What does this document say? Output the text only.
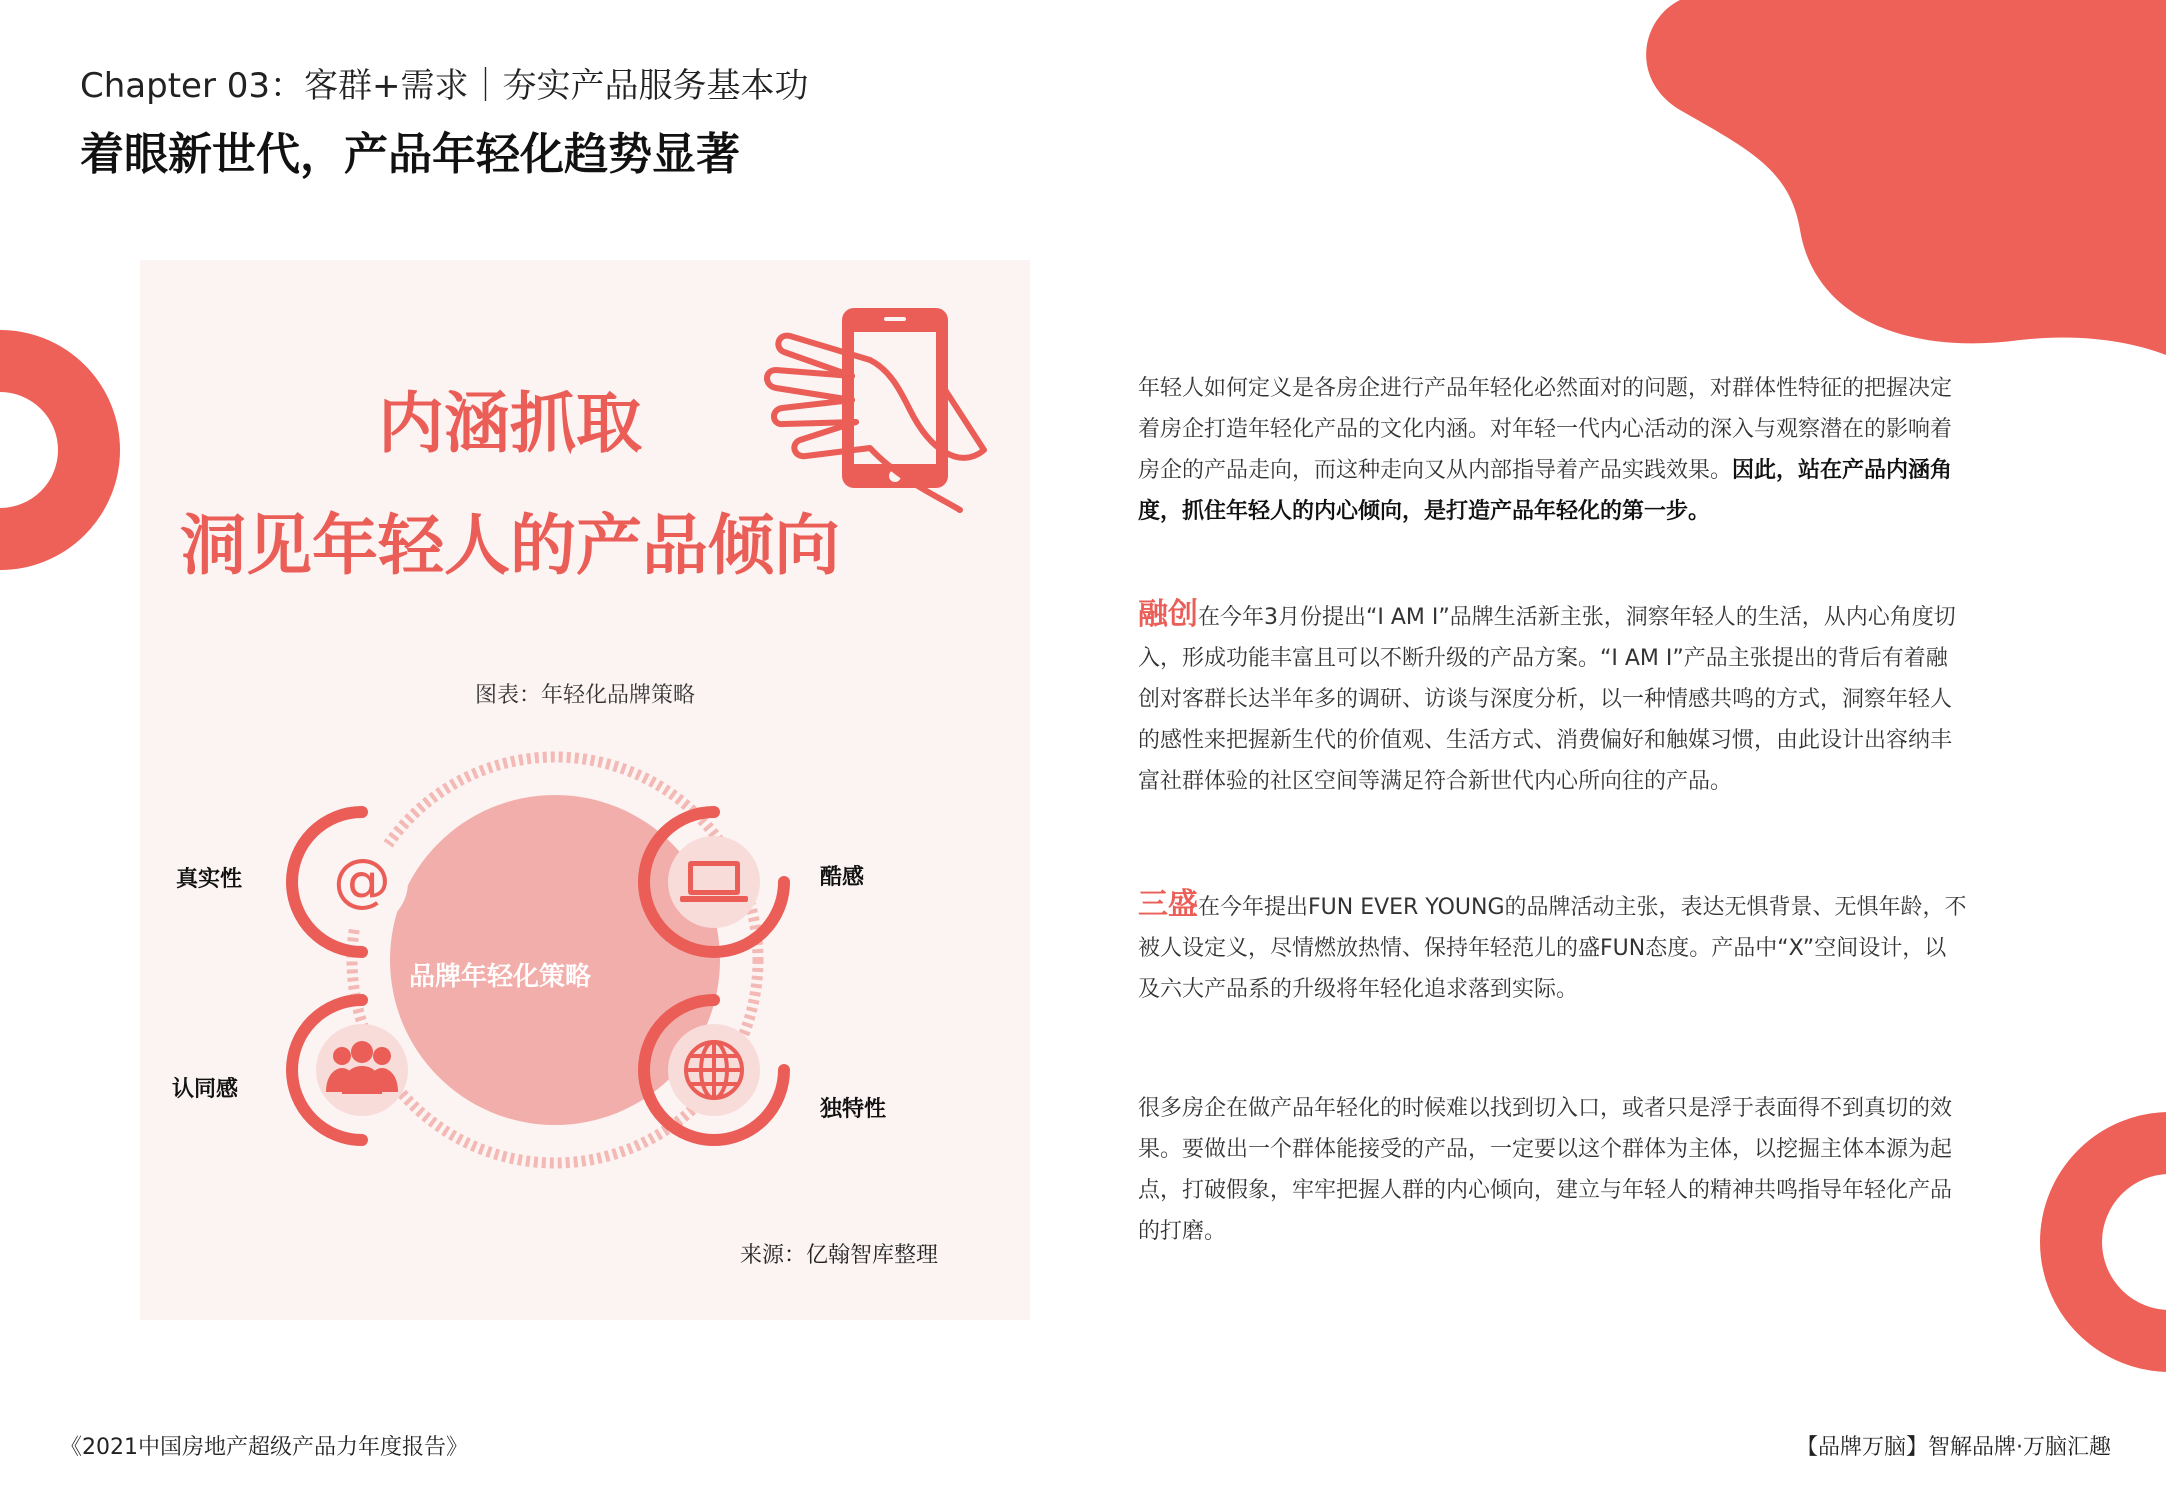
Chapter 03：客群+需求｜夯实产品服务基本功
着眼新世代，产品年轻化趋势显著
内涵抓取
洞见年轻人的产品倾向
图表：年轻化品牌策略
@
品牌年轻化策略
真实性	酷感
认同感
独特性
来源：亿翰智库整理
年轻人如何定义是各房企进行产品年轻化必然面对的问题，对群体性特征的把握决定着房企打造年轻化产品的文化内涵。对年轻一代内心活动的深入与观察潜在的影响着房企的产品走向，而这种走向又从内部指导着产品实践效果。因此，站在产品内涵角度，抓住年轻人的内心倾向，是打造产品年轻化的第一步。
融创在今年3月份提出“I AM I”品牌生活新主张，洞察年轻人的生活，从内心角度切入，形成功能丰富且可以不断升级的产品方案。“I AM I”产品主张提出的背后有着融创对客群长达半年多的调研、访谈与深度分析，以一种情感共鸣的方式，洞察年轻人的感性来把握新生代的价值观、生活方式、消费偏好和触媒习惯，由此设计出容纳丰富社群体验的社区空间等满足符合新世代内心所向往的产品。
三盛在今年提出FUN EVER YOUNG的品牌活动主张，表达无惧背景、无惧年龄，不被人设定义，尽情燃放热情、保持年轻范儿的盛FUN态度。产品中“X”空间设计，以及六大产品系的升级将年轻化追求落到实际。
很多房企在做产品年轻化的时候难以找到切入口，或者只是浮于表面得不到真切的效果。要做出一个群体能接受的产品，一定要以这个群体为主体，以挖掘主体本源为起点，打破假象，牢牢把握人群的内心倾向，建立与年轻人的精神共鸣指导年轻化产品的打磨。
《2021中国房地产超级产品力年度报告》	【品牌万脑】智解品牌·万脑汇趣
